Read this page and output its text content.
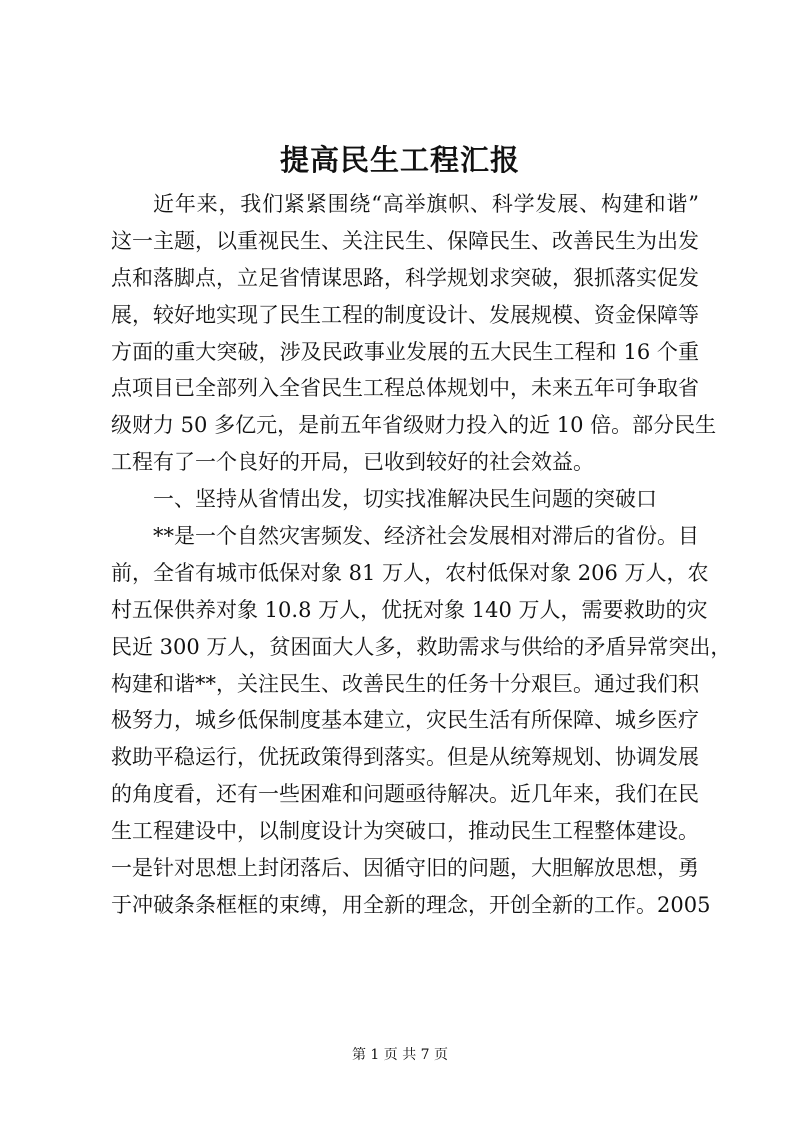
提高民生工程汇报
近年来，我们紧紧围绕“高举旗帜、科学发展、构建和谐”
这一主题，以重视民生、关注民生、保障民生、改善民生为出发
点和落脚点，立足省情谋思路，科学规划求突破，狠抓落实促发
展，较好地实现了民生工程的制度设计、发展规模、资金保障等
方面的重大突破，涉及民政事业发展的五大民生工程和 16 个重
点项目已全部列入全省民生工程总体规划中，未来五年可争取省
级财力 50 多亿元，是前五年省级财力投入的近 10 倍。部分民生
工程有了一个良好的开局，已收到较好的社会效益。
一、坚持从省情出发，切实找准解决民生问题的突破口
**是一个自然灾害频发、经济社会发展相对滞后的省份。目
前，全省有城市低保对象 81 万人，农村低保对象 206 万人，农
村五保供养对象 10.8 万人，优抚对象 140 万人，需要救助的灾
民近 300 万人，贫困面大人多，救助需求与供给的矛盾异常突出，
构建和谐**，关注民生、改善民生的任务十分艰巨。通过我们积
极努力，城乡低保制度基本建立，灾民生活有所保障、城乡医疗
救助平稳运行，优抚政策得到落实。但是从统筹规划、协调发展
的角度看，还有一些困难和问题亟待解决。近几年来，我们在民
生工程建设中，以制度设计为突破口，推动民生工程整体建设。
一是针对思想上封闭落后、因循守旧的问题，大胆解放思想，勇
于冲破条条框框的束缚，用全新的理念，开创全新的工作。2005
第 1 页 共 7 页
